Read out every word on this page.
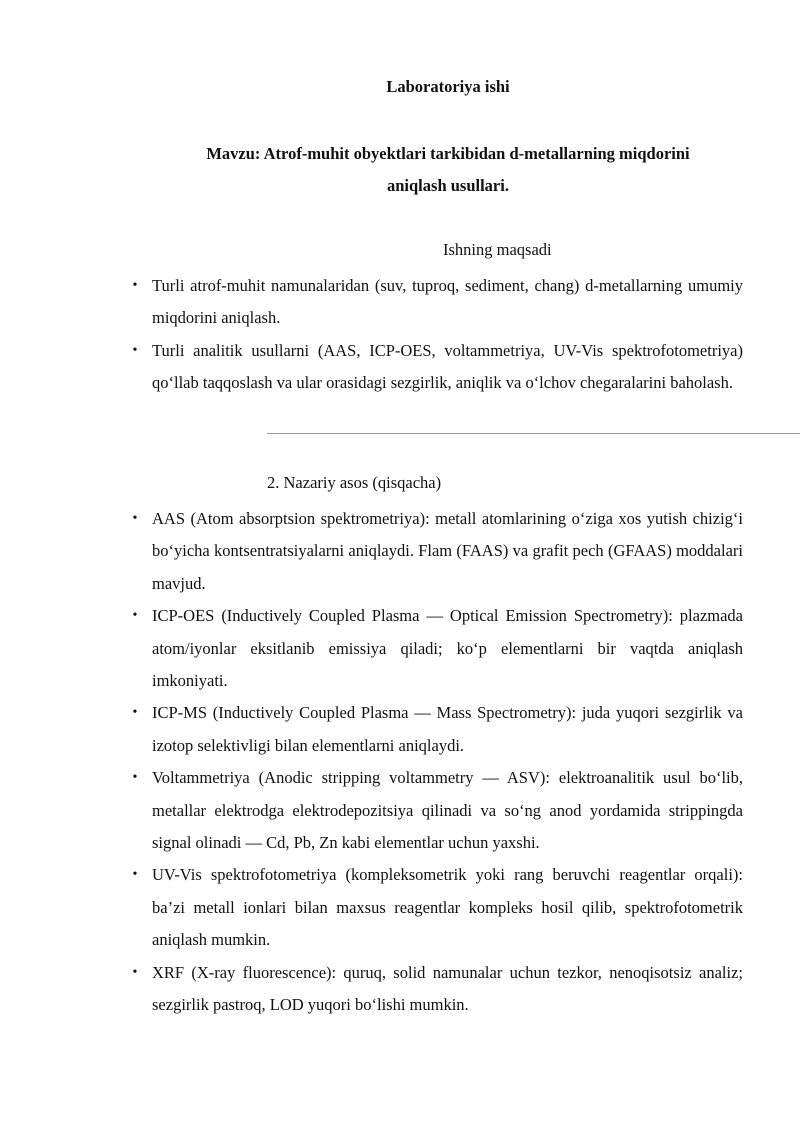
Laboratoriya ishi
Mavzu: Atrof-muhit obyektlari tarkibidan d-metallarning miqdorini
aniqlash usullari.
Ishning maqsadi
• Turli atrof-muhit namunalaridan (suv, tuproq, sediment, chang) d-metallarning umumiy miqdorini aniqlash.
• Turli analitik usullarni (AAS, ICP-OES, voltammetriya, UV-Vis spektrofotometriya) qo‘llab taqqoslash va ular orasidagi sezgirlik, aniqlik va o‘lchov chegaralarini baholash.
2. Nazariy asos (qisqacha)
• AAS (Atom absorptsion spektrometriya): metall atomlarining o‘ziga xos yutish chizig‘i bo‘yicha kontsentratsiyalarni aniqlaydi. Flam (FAAS) va grafit pech (GFAAS) moddalari mavjud.
• ICP-OES (Inductively Coupled Plasma — Optical Emission Spectrometry): plazmada atom/iyonlar eksitlanib emissiya qiladi; ko‘p elementlarni bir vaqtda aniqlash imkoniyati.
• ICP-MS (Inductively Coupled Plasma — Mass Spectrometry): juda yuqori sezgirlik va izotop selektivligi bilan elementlarni aniqlaydi.
• Voltammetriya (Anodic stripping voltammetry — ASV): elektroanalitik usul bo‘lib, metallar elektrodga elektrodepozitsiya qilinadi va so‘ng anod yordamida strippingda signal olinadi — Cd, Pb, Zn kabi elementlar uchun yaxshi.
• UV-Vis spektrofotometriya (kompleksometrik yoki rang beruvchi reagentlar orqali): ba’zi metall ionlari bilan maxsus reagentlar kompleks hosil qilib, spektrofotometrik aniqlash mumkin.
• XRF (X-ray fluorescence): quruq, solid namunalar uchun tezkor, nenoqisotsiz analiz; sezgirlik pastroq, LOD yuqori bo‘lishi mumkin.
